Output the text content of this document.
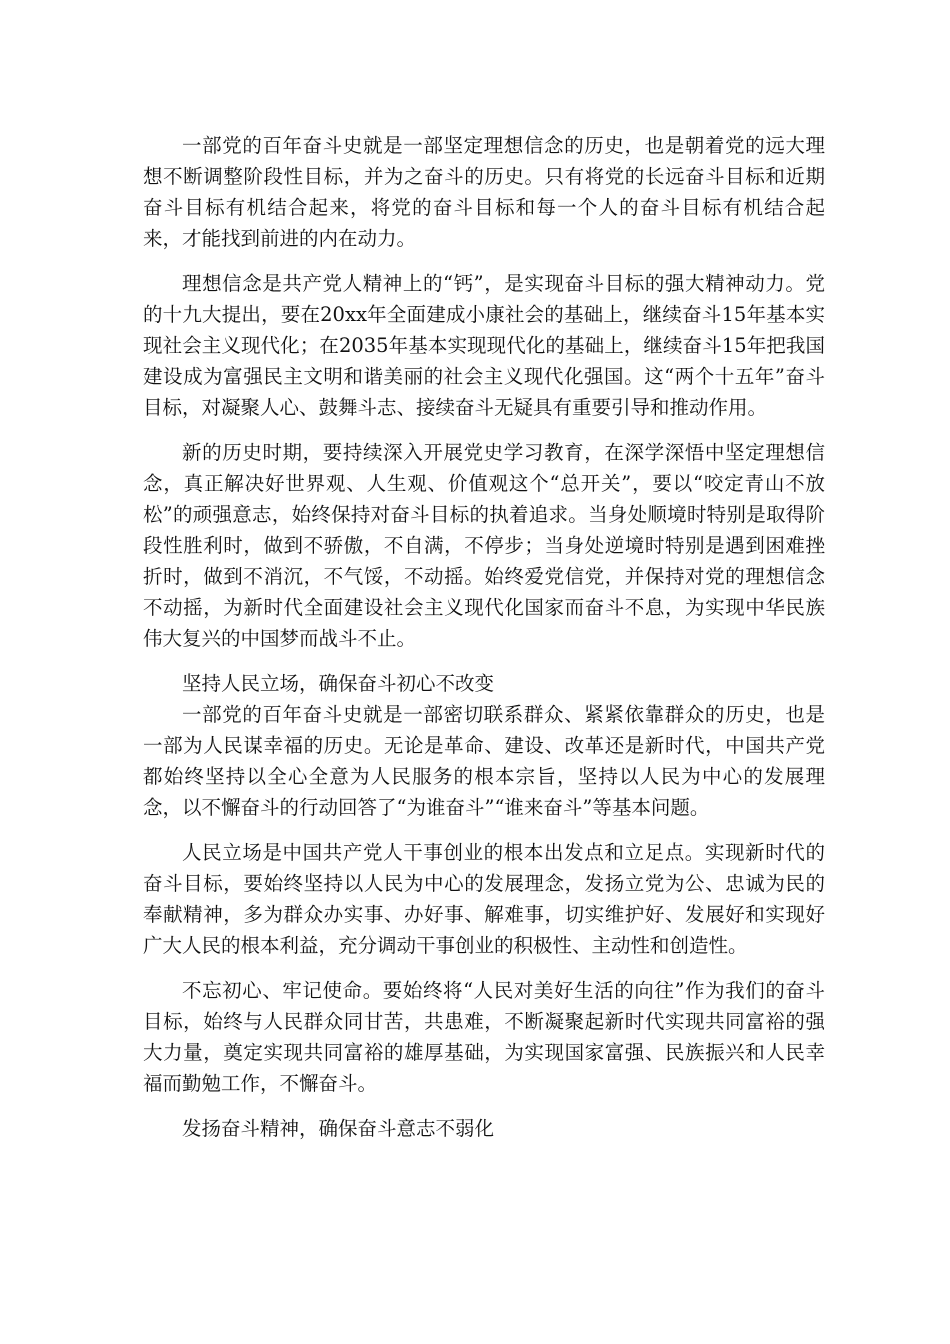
一部党的百年奋斗史就是一部坚定理想信念的历史，也是朝着党的远大理想不断调整阶段性目标，并为之奋斗的历史。只有将党的长远奋斗目标和近期奋斗目标有机结合起来，将党的奋斗目标和每一个人的奋斗目标有机结合起来，才能找到前进的内在动力。

理想信念是共产党人精神上的“钙”，是实现奋斗目标的强大精神动力。党的十九大提出，要在20xx年全面建成小康社会的基础上，继续奋斗15年基本实现社会主义现代化；在2035年基本实现现代化的基础上，继续奋斗15年把我国建设成为富强民主文明和谐美丽的社会主义现代化强国。这“两个十五年”奋斗目标，对凝聚人心、鼓舞斗志、接续奋斗无疑具有重要引导和推动作用。

新的历史时期，要持续深入开展党史学习教育，在深学深悟中坚定理想信念，真正解决好世界观、人生观、价值观这个“总开关”，要以“咬定青山不放松”的顽强意志，始终保持对奋斗目标的执着追求。当身处顺境时特别是取得阶段性胜利时，做到不骄傲，不自满，不停步；当身处逆境时特别是遇到困难挫折时，做到不消沉，不气馁，不动摇。始终爱党信党，并保持对党的理想信念不动摇，为新时代全面建设社会主义现代化国家而奋斗不息，为实现中华民族伟大复兴的中国梦而战斗不止。

坚持人民立场，确保奋斗初心不改变

一部党的百年奋斗史就是一部密切联系群众、紧紧依靠群众的历史，也是一部为人民谋幸福的历史。无论是革命、建设、改革还是新时代，中国共产党都始终坚持以全心全意为人民服务的根本宗旨，坚持以人民为中心的发展理念，以不懈奋斗的行动回答了“为谁奋斗”“谁来奋斗”等基本问题。

人民立场是中国共产党人干事创业的根本出发点和立足点。实现新时代的奋斗目标，要始终坚持以人民为中心的发展理念，发扬立党为公、忠诚为民的奉献精神，多为群众办实事、办好事、解难事，切实维护好、发展好和实现好广大人民的根本利益，充分调动干事创业的积极性、主动性和创造性。

不忘初心、牢记使命。要始终将“人民对美好生活的向往”作为我们的奋斗目标，始终与人民群众同甘苦，共患难，不断凝聚起新时代实现共同富裕的强大力量，奠定实现共同富裕的雄厚基础，为实现国家富强、民族振兴和人民幸福而勤勉工作，不懈奋斗。

发扬奋斗精神，确保奋斗意志不弱化
